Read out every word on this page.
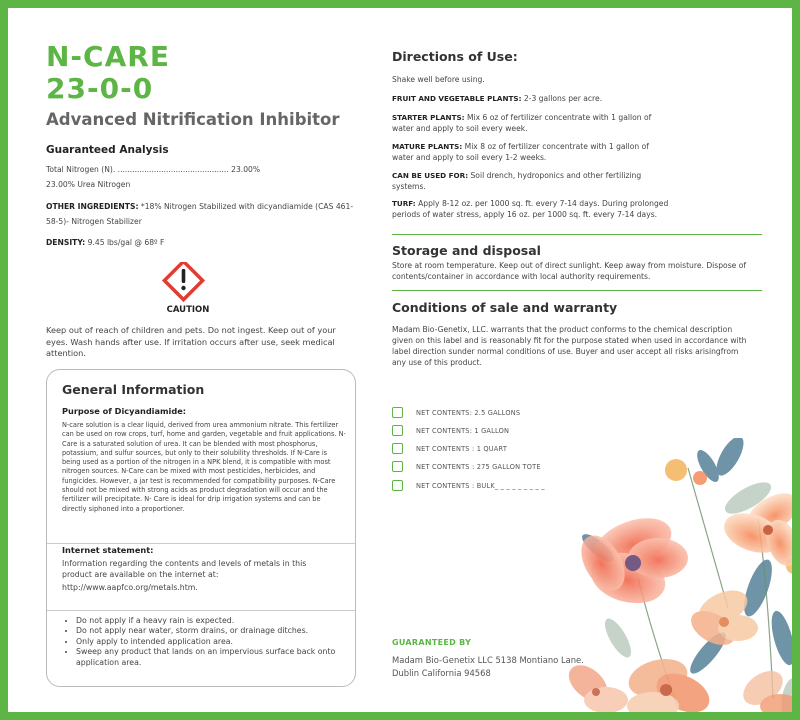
N-CARE
23-0-0
Advanced Nitrification Inhibitor
Guaranteed Analysis
Total Nitrogen (N). .............................................. 23.00%
23.00% Urea Nitrogen
OTHER INGREDIENTS: *18% Nitrogen Stabilized with dicyandiamide (CAS 461-58-5)- Nitrogen Stabilizer
DENSITY: 9.45 lbs/gal @ 68º F
CAUTION
Keep out of reach of children and pets. Do not ingest. Keep out of your eyes. Wash hands after use. If irritation occurs after use, seek medical attention.
General Information
Purpose of Dicyandiamide:
N-care solution is a clear liquid, derived from urea ammonium nitrate. This fertilizer can be used on row crops, turf, home and garden, vegetable and fruit applications. N-Care is a saturated solution of urea. It can be blended with most phosphorus, potassium, and sulfur sources, but only to their solubility thresholds. If N-Care is being used as a portion of the nitrogen in a NPK blend, it is compatible with most nitrogen sources. N-Care can be mixed with most pesticides, herbicides, and fungicides. However, a jar test is recommended for compatibility purposes. N-Care should not be mixed with strong acids as product degradation will occur and the fertilizer will precipitate. N- Care is ideal for drip irrigation systems and can be directly siphoned into a proportioner.
Internet statement:
Information regarding the contents and levels of metals in this product are available on the internet at:
http://www.aapfco.org/metals.htm.
• Do not apply if a heavy rain is expected.
• Do not apply near water, storm drains, or drainage ditches.
• Only apply to intended application area.
• Sweep any product that lands on an impervious surface back onto application area.
Directions of Use:
Shake well before using.
FRUIT AND VEGETABLE PLANTS: 2-3 gallons per acre.
STARTER PLANTS: Mix 6 oz of fertilizer concentrate with 1 gallon of water and apply to soil every week.
MATURE PLANTS: Mix 8 oz of fertilizer concentrate with 1 gallon of water and apply to soil every 1-2 weeks.
CAN BE USED FOR: Soil drench, hydroponics and other fertilizing systems.
TURF: Apply 8-12 oz. per 1000 sq. ft. every 7-14 days. During prolonged periods of water stress, apply 16 oz. per 1000 sq. ft. every 7-14 days.
Storage and disposal
Store at room temperature. Keep out of direct sunlight. Keep away from moisture. Dispose of contents/container in accordance with local authority requirements.
Conditions of sale and warranty
Madam Bio-Genetix, LLC. warrants that the product conforms to the chemical description given on this label and is reasonably fit for the purpose stated when used in accordance with label direction sunder normal conditions of use. Buyer and user accept all risks arisingfrom any use of this product.
NET CONTENTS: 2.5 GALLONS
NET CONTENTS: 1 GALLON
NET CONTENTS : 1 QUART
NET CONTENTS : 275 GALLON TOTE
NET CONTENTS : BULK_ _ _ _ _ _ _ _ _
GUARANTEED BY
Madam Bio-Genetix LLC 5138 Montiano Lane. Dublin California 94568
